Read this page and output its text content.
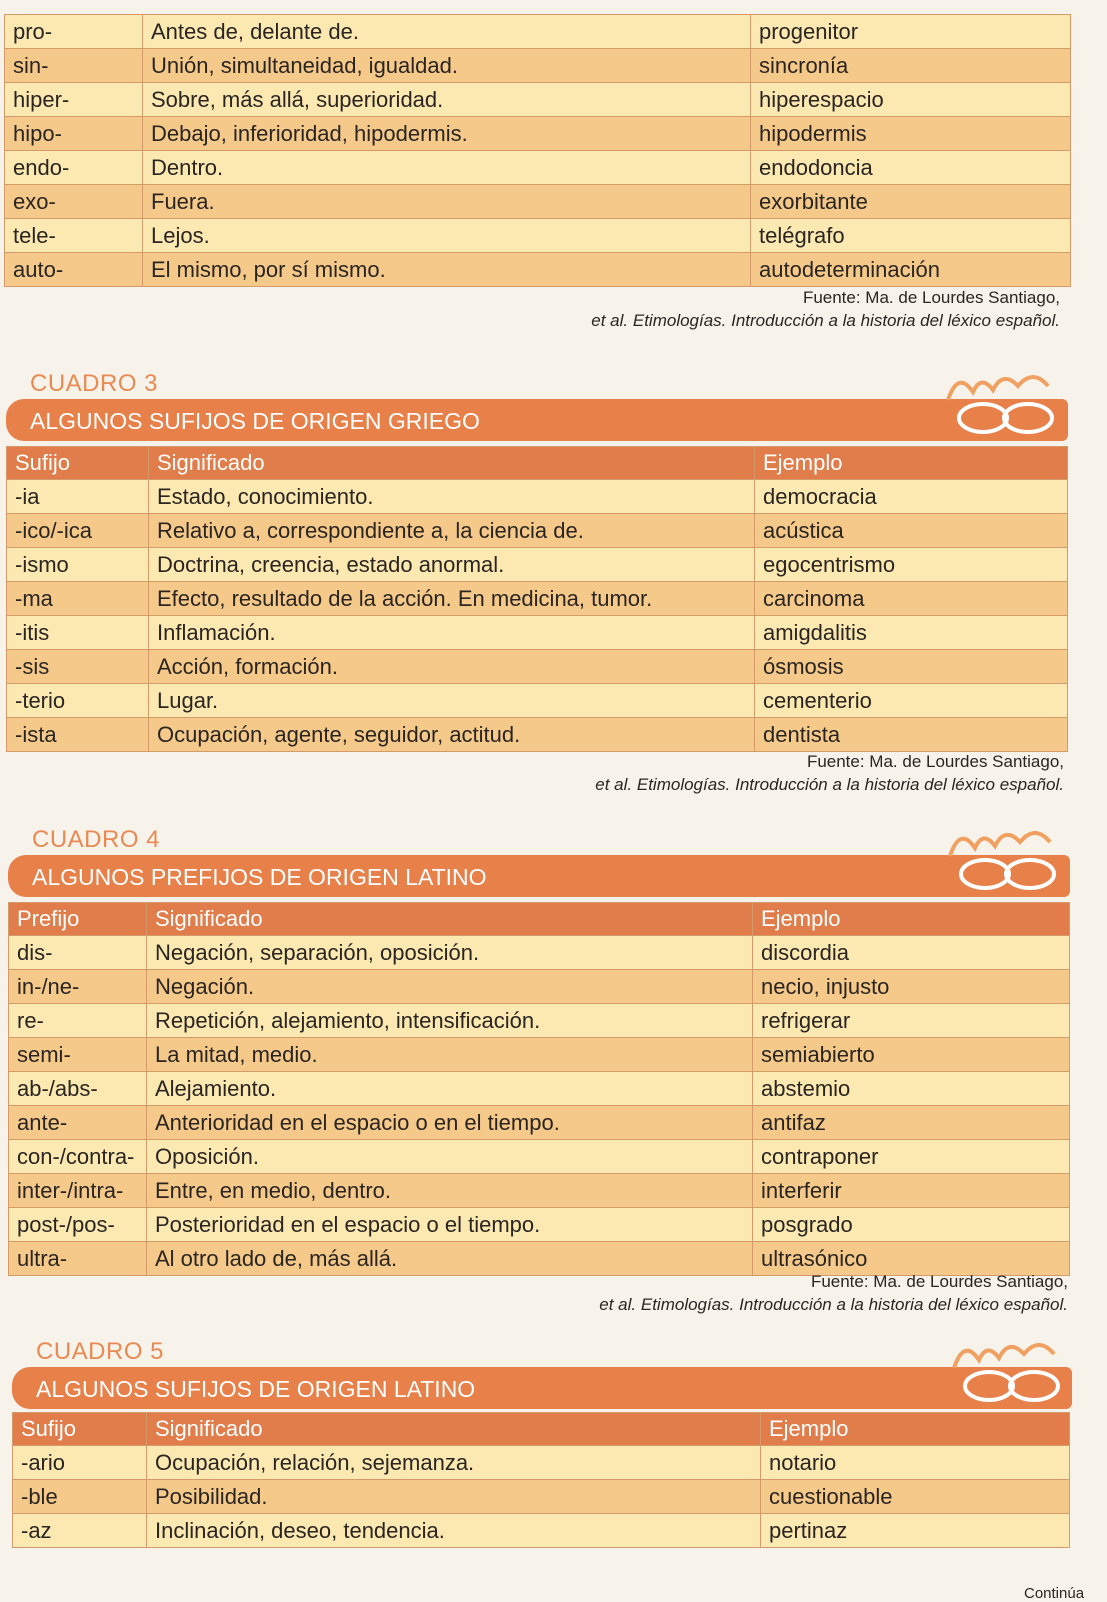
pro-	Antes de, delante de.	progenitor
sin-	Unión, simultaneidad, igualdad.	sincronía
hiper-	Sobre, más allá, superioridad.	hiperespacio
hipo-	Debajo, inferioridad, hipodermis.	hipodermis
endo-	Dentro.	endodoncia
exo-	Fuera.	exorbitante
tele-	Lejos.	telégrafo
auto-	El mismo, por sí mismo.	autodeterminación
Fuente: Ma. de Lourdes Santiago,
et al. Etimologías. Introducción a la historia del léxico español.
CUADRO 3
ALGUNOS SUFIJOS DE ORIGEN GRIEGO
Sufijo	Significado	Ejemplo
-ia	Estado, conocimiento.	democracia
-ico/-ica	Relativo a, correspondiente a, la ciencia de.	acústica
-ismo	Doctrina, creencia, estado anormal.	egocentrismo
-ma	Efecto, resultado de la acción. En medicina, tumor.	carcinoma
-itis	Inflamación.	amigdalitis
-sis	Acción, formación.	ósmosis
-terio	Lugar.	cementerio
-ista	Ocupación, agente, seguidor, actitud.	dentista
Fuente: Ma. de Lourdes Santiago,
et al. Etimologías. Introducción a la historia del léxico español.
CUADRO 4
ALGUNOS PREFIJOS DE ORIGEN LATINO
Prefijo	Significado	Ejemplo
dis-	Negación, separación, oposición.	discordia
in-/ne-	Negación.	necio, injusto
re-	Repetición, alejamiento, intensificación.	refrigerar
semi-	La mitad, medio.	semiabierto
ab-/abs-	Alejamiento.	abstemio
ante-	Anterioridad en el espacio o en el tiempo.	antifaz
con-/contra-	Oposición.	contraponer
inter-/intra-	Entre, en medio, dentro.	interferir
post-/pos-	Posterioridad en el espacio o el tiempo.	posgrado
ultra-	Al otro lado de, más allá.	ultrasónico
Fuente: Ma. de Lourdes Santiago,
et al. Etimologías. Introducción a la historia del léxico español.
CUADRO 5
ALGUNOS SUFIJOS DE ORIGEN LATINO
Sufijo	Significado	Ejemplo
-ario	Ocupación, relación, sejemanza.	notario
-ble	Posibilidad.	cuestionable
-az	Inclinación, deseo, tendencia.	pertinaz
Continúa
